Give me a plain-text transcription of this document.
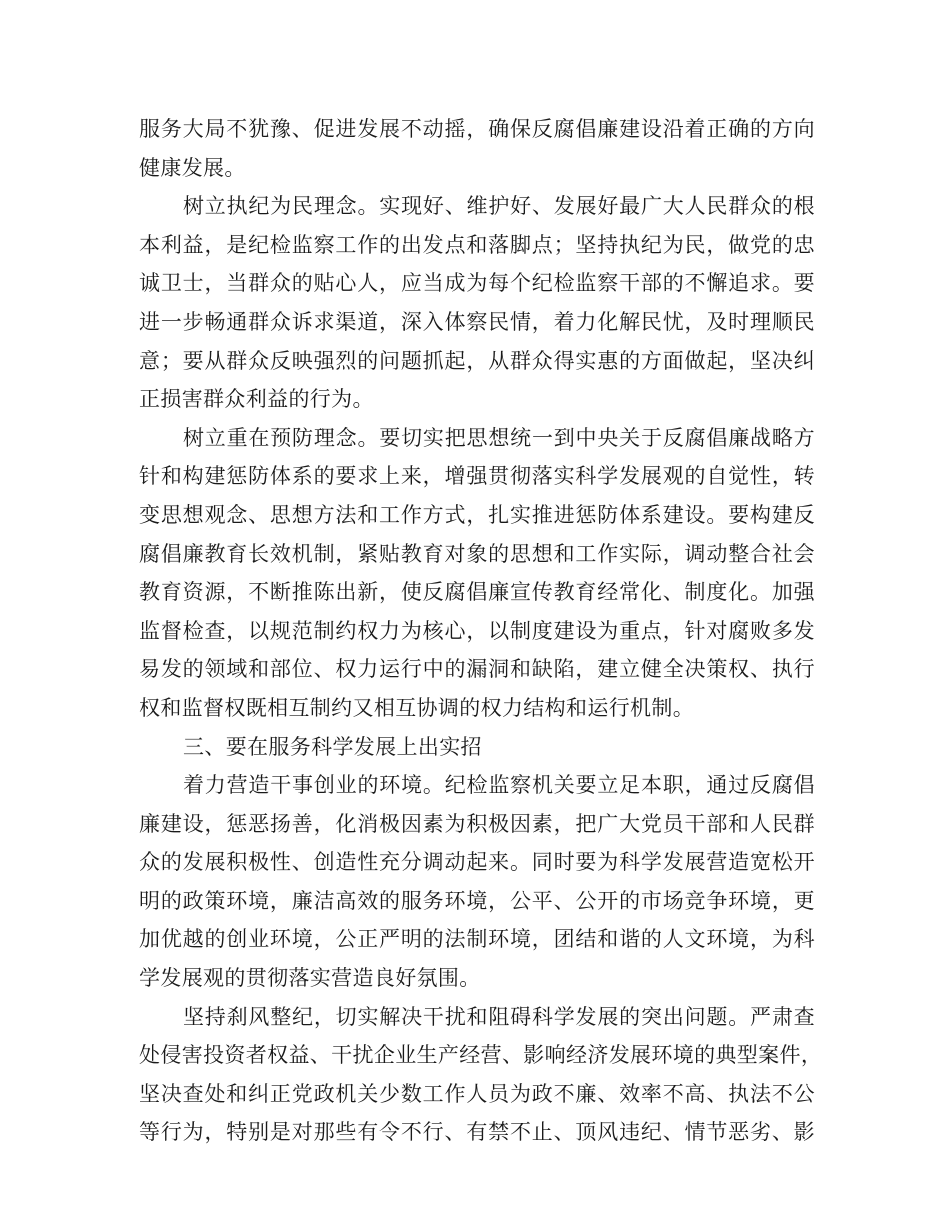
服务大局不犹豫、促进发展不动摇，确保反腐倡廉建设沿着正确的方向
健康发展。
树立执纪为民理念。实现好、维护好、发展好最广大人民群众的根
本利益，是纪检监察工作的出发点和落脚点；坚持执纪为民，做党的忠
诚卫士，当群众的贴心人，应当成为每个纪检监察干部的不懈追求。要
进一步畅通群众诉求渠道，深入体察民情，着力化解民忧，及时理顺民
意；要从群众反映强烈的问题抓起，从群众得实惠的方面做起，坚决纠
正损害群众利益的行为。
树立重在预防理念。要切实把思想统一到中央关于反腐倡廉战略方
针和构建惩防体系的要求上来，增强贯彻落实科学发展观的自觉性，转
变思想观念、思想方法和工作方式，扎实推进惩防体系建设。要构建反
腐倡廉教育长效机制，紧贴教育对象的思想和工作实际，调动整合社会
教育资源，不断推陈出新，使反腐倡廉宣传教育经常化、制度化。加强
监督检查，以规范制约权力为核心，以制度建设为重点，针对腐败多发
易发的领域和部位、权力运行中的漏洞和缺陷，建立健全决策权、执行
权和监督权既相互制约又相互协调的权力结构和运行机制。
三、要在服务科学发展上出实招
着力营造干事创业的环境。纪检监察机关要立足本职，通过反腐倡
廉建设，惩恶扬善，化消极因素为积极因素，把广大党员干部和人民群
众的发展积极性、创造性充分调动起来。同时要为科学发展营造宽松开
明的政策环境，廉洁高效的服务环境，公平、公开的市场竞争环境，更
加优越的创业环境，公正严明的法制环境，团结和谐的人文环境，为科
学发展观的贯彻落实营造良好氛围。
坚持刹风整纪，切实解决干扰和阻碍科学发展的突出问题。严肃查
处侵害投资者权益、干扰企业生产经营、影响经济发展环境的典型案件，
坚决查处和纠正党政机关少数工作人员为政不廉、效率不高、执法不公
等行为，特别是对那些有令不行、有禁不止、顶风违纪、情节恶劣、影
